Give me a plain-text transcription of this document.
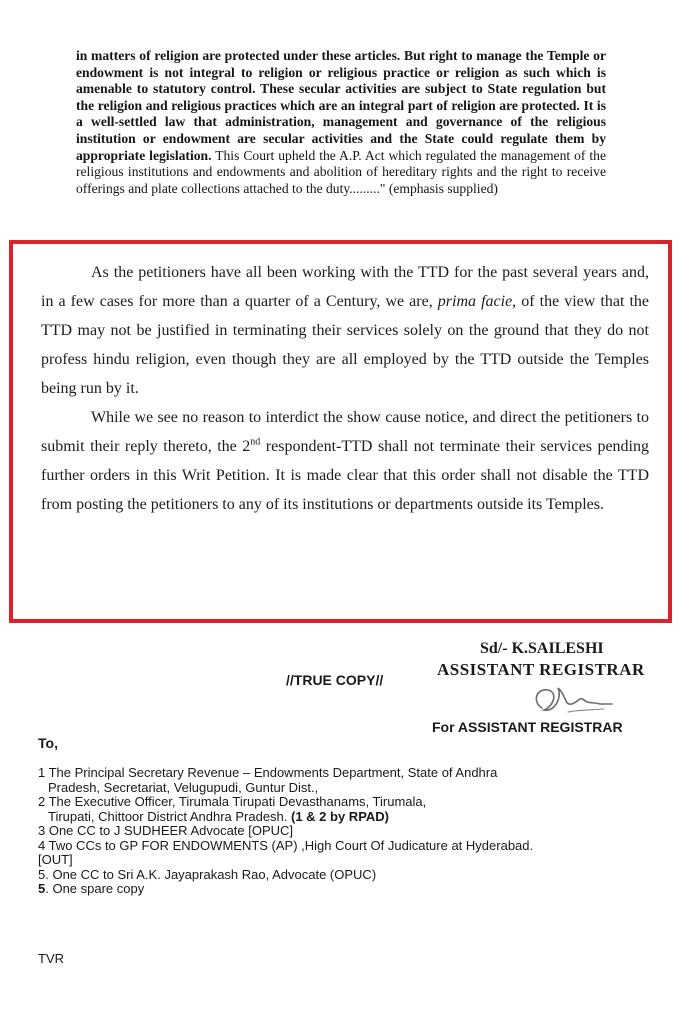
in matters of religion are protected under these articles. But right to manage the Temple or endowment is not integral to religion or religious practice or religion as such which is amenable to statutory control. These secular activities are subject to State regulation but the religion and religious practices which are an integral part of religion are protected. It is a well-settled law that administration, management and governance of the religious institution or endowment are secular activities and the State could regulate them by appropriate legislation. This Court upheld the A.P. Act which regulated the management of the religious institutions and endowments and abolition of hereditary rights and the right to receive offerings and plate collections attached to the duty........." (emphasis supplied)

As the petitioners have all been working with the TTD for the past several years and, in a few cases for more than a quarter of a Century, we are, prima facie, of the view that the TTD may not be justified in terminating their services solely on the ground that they do not profess hindu religion, even though they are all employed by the TTD outside the Temples being run by it.

While we see no reason to interdict the show cause notice, and direct the petitioners to submit their reply thereto, the 2nd respondent-TTD shall not terminate their services pending further orders in this Writ Petition. It is made clear that this order shall not disable the TTD from posting the petitioners to any of its institutions or departments outside its Temples.

Sd/- K.SAILESHI
ASSISTANT REGISTRAR
//TRUE COPY//
For ASSISTANT REGISTRAR
To,
1 The Principal Secretary Revenue – Endowments Department, State of Andhra
Pradesh, Secretariat, Velugupudi, Guntur Dist.,
2 The Executive Officer, Tirumala Tirupati Devasthanams, Tirumala,
Tirupati, Chittoor District Andhra Pradesh. (1 & 2 by RPAD)
3 One CC to J SUDHEER Advocate [OPUC]
4 Two CCs to GP FOR ENDOWMENTS (AP) ,High Court Of Judicature at Hyderabad.
[OUT]
5. One CC to Sri A.K. Jayaprakash Rao, Advocate (OPUC)
5. One spare copy
TVR
